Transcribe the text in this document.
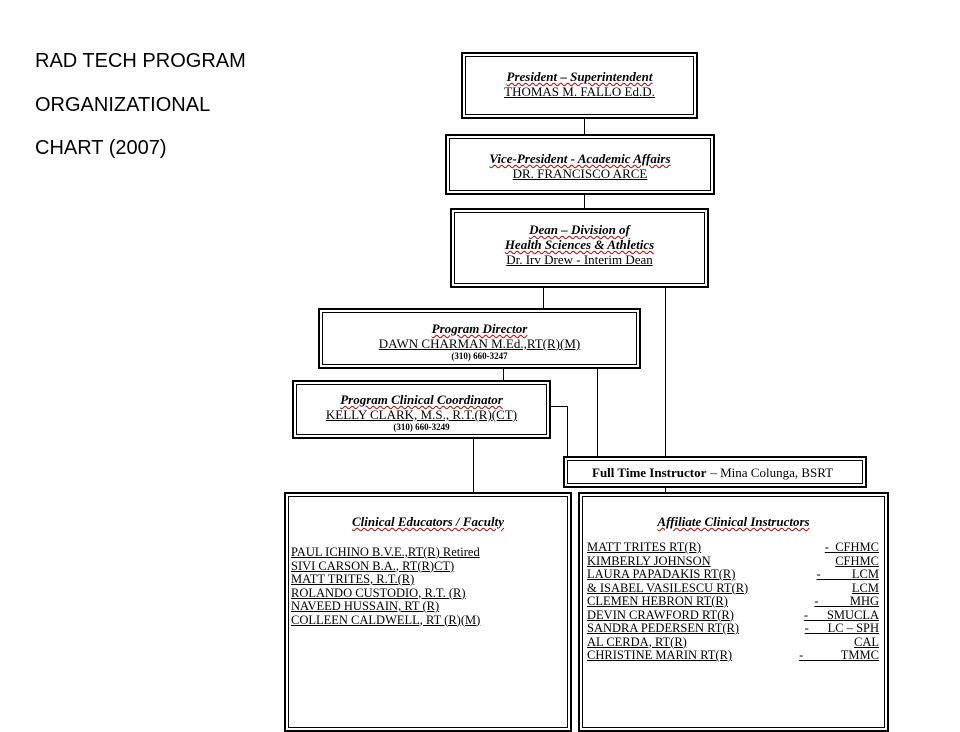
RAD TECH PROGRAM
ORGANIZATIONAL
CHART (2007)
President – Superintendent
THOMAS M. FALLO Ed.D.
Vice-President - Academic Affairs
DR. FRANCISCO ARCE
Dean – Division of
Health Sciences & Athletics
Dr. Irv Drew - Interim Dean
Program Director
DAWN CHARMAN M.Ed.,RT(R)(M)
(310) 660-3247
Program Clinical Coordinator
KELLY CLARK, M.S., R.T.(R)(CT)
(310) 660-3249
Full Time Instructor – Mina Colunga, BSRT
Clinical Educators / Faculty
PAUL ICHINO B.V.E.,RT(R) Retired
SIVI CARSON B.A., RT(R)CT)
MATT TRITES, R.T.(R)
ROLANDO CUSTODIO, R.T. (R)
NAVEED HUSSAIN, RT (R)
COLLEEN CALDWELL, RT (R)(M)
Affiliate Clinical Instructors
MATT TRITES RT(R)	- CFHMC
KIMBERLY JOHNSON	CFHMC
LAURA PAPADAKIS RT(R)	-	LCM
& ISABEL VASILESCU RT(R)	LCM
CLEMEN HEBRON RT(R)	-	MHG
DEVIN CRAWFORD RT(R)	- SMUCLA
SANDRA PEDERSEN RT(R)	- LC – SPH
AL CERDA, RT(R)	CAL
CHRISTINE MARIN RT(R)	-	TMMC
